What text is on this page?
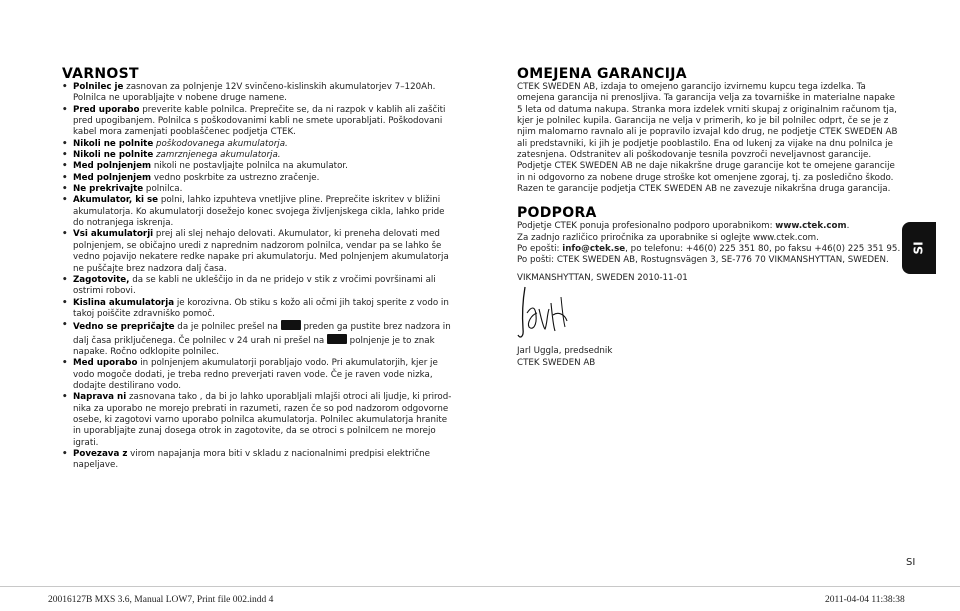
VARNOST
• Polnilec je zasnovan za polnjenje 12V svinčeno-kislinskih akumulatorjev 7–120Ah. Polnilca ne uporabljajte v nobene druge namene.
• Pred uporabo preverite kable polnilca. Preprečite se, da ni razpok v kablih ali zaščiti pred upogibanjem. Polnilca s poškodovanimi kabli ne smete uporabljati. Poškodovani kabel mora zamenjati pooblaščenec podjetja CTEK.
• Nikoli ne polnite poškodovanega akumulatorja.
• Nikoli ne polnite zamrznjenega akumulatorja.
• Med polnjenjem nikoli ne postavljajte polnilca na akumulator.
• Med polnjenjem vedno poskrbite za ustrezno zračenje.
• Ne prekrivajte polnilca.
• Akumulator, ki se polni, lahko izpuhteva vnetljive pline. Preprečite iskritev v bližini akumulatorja. Ko akumulatorji dosežejo konec svojega življenjskega cikla, lahko pride do notranjega iskrenja.
• Vsi akumulatorji prej ali slej nehajo delovati. Akumulator, ki preneha delovati med polnjenjem, se običajno uredi z naprednim nadzorom polnilca, vendar pa se lahko še vedno pojavijo nekatere redke napake pri akumulatorju. Med polnjenjem akumulatorja ne puščajte brez nadzora dalj časa.
• Zagotovite, da se kabli ne ukleščijo in da ne pridejo v stik z vročimi površinami ali ostrimi robovi.
• Kislina akumulatorja je korozivna. Ob stiku s kožo ali očmi jih takoj sperite z vodo in takoj poiščite zdravniško pomoč.
• Vedno se prepričajte da je polnilec prešel na  preden ga pustite brez nadzora in dalj časa priključenega. Če polnilec v 24 urah ni prešel na  polnjenje je to znak napake. Ročno odklopite polnilec.
• Med uporabo in polnjenjem akumulatorji porabljajo vodo. Pri akumulatorjih, kjer je vodo mogoče dodati, je treba redno preverjati raven vode. Če je raven vode nizka, dodajte destilirano vodo.
• Naprava ni zasnovana tako , da bi jo lahko uporabljali mlajši otroci ali ljudje, ki prirod-nika za uporabo ne morejo prebrati in razumeti, razen če so pod nadzorom odgovorne osebe, ki zagotovi varno uporabo polnilca akumulatorja. Polnilec akumulatorja hranite in uporabljajte zunaj dosega otrok in zagotovite, da se otroci s polnilcem ne morejo igrati.
• Povezava z virom napajanja mora biti v skladu z nacionalnimi predpisi električne napeljave.
OMEJENA GARANCIJA

CTEK SWEDEN AB, izdaja to omejeno garancijo izvirnemu kupcu tega izdelka. Ta omejena garancija ni prenosljiva. Ta garancija velja za tovarniške in materialne napake 5 leta od datuma nakupa. Stranka mora izdelek vrniti skupaj z originalnim računom tja, kjer je polnilec kupila. Garancija ne velja v primerih, ko je bil polnilec odprt, če se je z njim malomarno ravnalo ali je popravilo izvajal kdo drug, ne podjetje CTEK SWEDEN AB ali predstavniki, ki jih je podjetje pooblastilo. Ena od lukenj za vijake na dnu polnilca je zatesnjena. Odstranitev ali poškodovanje tesnila povzroči neveljavnost garancije. Podjetje CTEK SWEDEN AB ne daje nikakršne druge garancije kot te omejene garancije in ni odgovorno za nobene druge stroške kot omenjene zgoraj, tj. za posledično škodo. Razen te garancije podjetja CTEK SWEDEN AB ne zavezuje nikakršna druga garancija.

PODPORA

Podjetje CTEK ponuja profesionalno podporo uporabnikom: www.ctek.com.

Za zadnjo različico priročnika za uporabnike si oglejte www.ctek.com.

Po epošti: info@ctek.se, po telefonu: +46(0) 225 351 80, po faksu +46(0) 225 351 95.

Po pošti: CTEK SWEDEN AB, Rostugnsvägen 3, SE-776 70 VIKMANSHYTTAN, SWEDEN.

VIKMANSHYTTAN, SWEDEN 2010-11-01

Jarl Uggla, predsednik

CTEK SWEDEN AB

SI
SI
20016127B MXS 3.6, Manual LOW7, Print file 002.indd 4	2011-04-04 11:38:38
